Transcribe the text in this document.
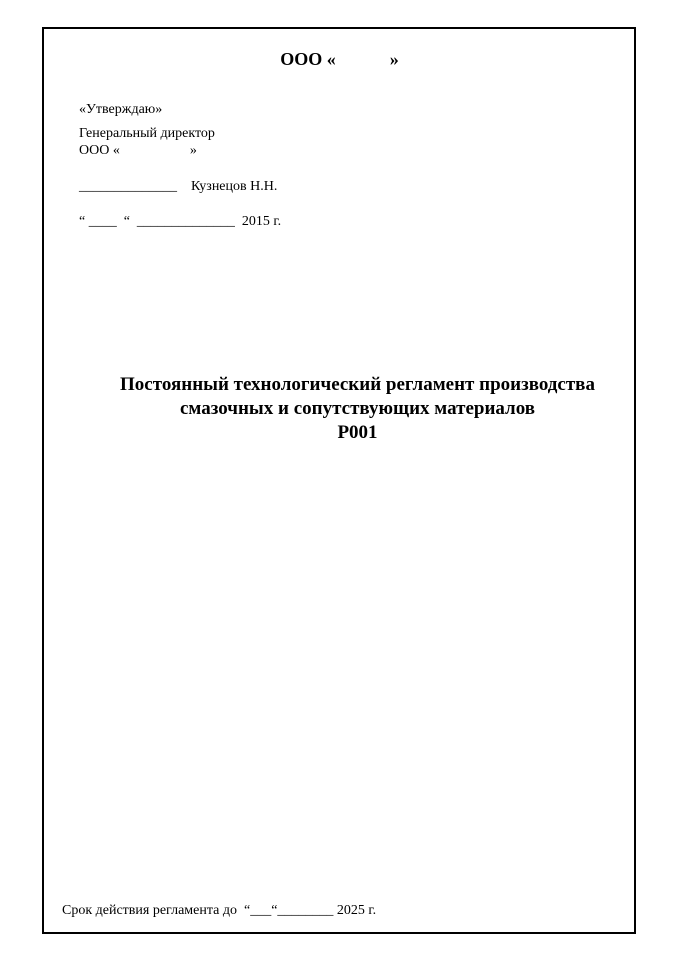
ООО «            »
«Утверждаю»
Генеральный директор
ООО «                    »
______________    Кузнецов Н.Н.
“ ____  “  ______________  2015 г.
Постоянный технологический регламент производства
смазочных и сопутствующих материалов
Р001
Срок действия регламента до  “___“________ 2025 г.
